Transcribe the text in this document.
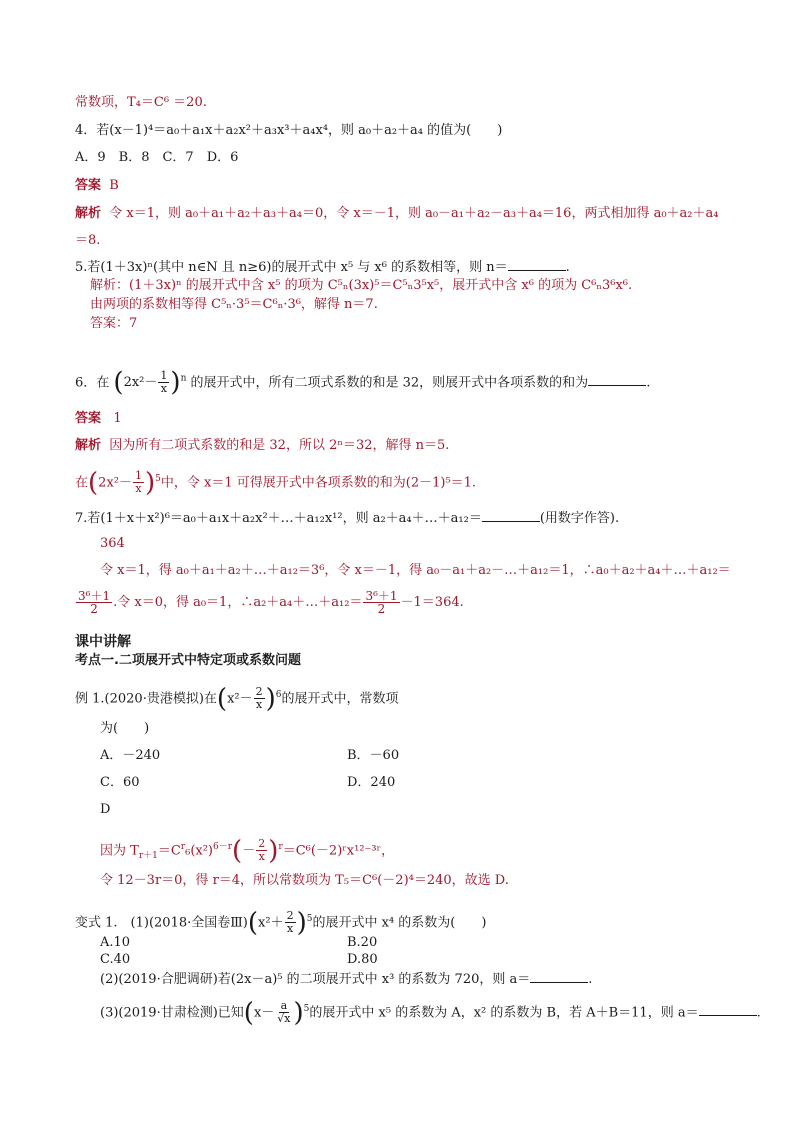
常数项，T₄＝C⁶ ＝20.
4．若(x－1)⁴＝a₀＋a₁x＋a₂x²＋a₃x³＋a₄x⁴，则 a₀＋a₂＋a₄ 的值为(　　)
A．9　B．8　C．7　D．6
答案 B
解析 令 x＝1，则 a₀＋a₁＋a₂＋a₃＋a₄＝0，令 x＝－1，则 a₀－a₁＋a₂－a₃＋a₄＝16，两式相加得 a₀＋a₂＋a₄
＝8.
5.若(1＋3x)ⁿ(其中 n∈N 且 n≥6)的展开式中 x⁵ 与 x⁶ 的系数相等，则 n＝	.
解析：(1＋3x)ⁿ 的展开式中含 x⁵ 的项为 C⁵ₙ(3x)⁵＝C⁵ₙ3⁵x⁵，展开式中含 x⁶ 的项为 C⁶ₙ3⁶x⁶.
由两项的系数相等得 C⁵ₙ·3⁵＝C⁶ₙ·3⁶，解得 n＝7.
答案：7
6．在 $(2x^2- \frac{1}{x} )^n$ 的展开式中，所有二项式系数的和是 32，则展开式中各项系数的和为	.
答案 1
解析 因为所有二项式系数的和是 32，所以 2ⁿ＝32，解得 n＝5.
在$(2x^2- \frac{1}{x} )^5$中，令 x＝1 可得展开式中各项系数的和为(2－1)⁵＝1.
7.若(1＋x＋x²)⁶＝a₀＋a₁x＋a₂x²＋…＋a₁₂x¹²，则 a₂＋a₄＋…＋a₁₂＝	(用数字作答).
364
令 x＝1，得 a₀＋a₁＋a₂＋…＋a₁₂＝3⁶，令 x＝－1，得 a₀－a₁＋a₂－…＋a₁₂＝1，∴a₀＋a₂＋a₄＋…＋a₁₂＝
$\frac{\text{3⁶＋1}}{2}$ .令 x＝0，得 a₀＝1，∴a₂＋a₄＋…＋a₁₂＝ $\frac{\text{3⁶＋1}}{2} -1=364$.
课中讲解
考点一.二项展开式中特定项或系数问题
例 1.(2020·贵港模拟)在$(x^2- \frac{2}{x} )^6$的展开式中，常数项
为(　　)
A．－240	B．－60
C．60	D．240
D
因为 $T_{r+1}=C^r_6(x^2)^{6-r}(- \frac{2}{x}$ )$^r=C^6(-2)ʳx^{12-3}ʳ$，
令 12－3r＝0，得 r＝4，所以常数项为 T₅＝C⁶(－2)⁴＝240，故选 D.
变式 1.　(1)(2018·全国卷Ⅲ)(x²＋ $\frac{2}{x} )^5$的展开式中 x⁴ 的系数为(　　)
A.10	B.20
C.40	D.80
(2)(2019·合肥调研)若(2x－a)⁵ 的二项展开式中 x³ 的系数为 720，则 a＝	.
(3)(2019·甘肃检测)已知$(x- \frac{a}{√x} )^5$的展开式中 x⁵ 的系数为 A，x² 的系数为 B，若 A＋B＝11，则 a＝	.
